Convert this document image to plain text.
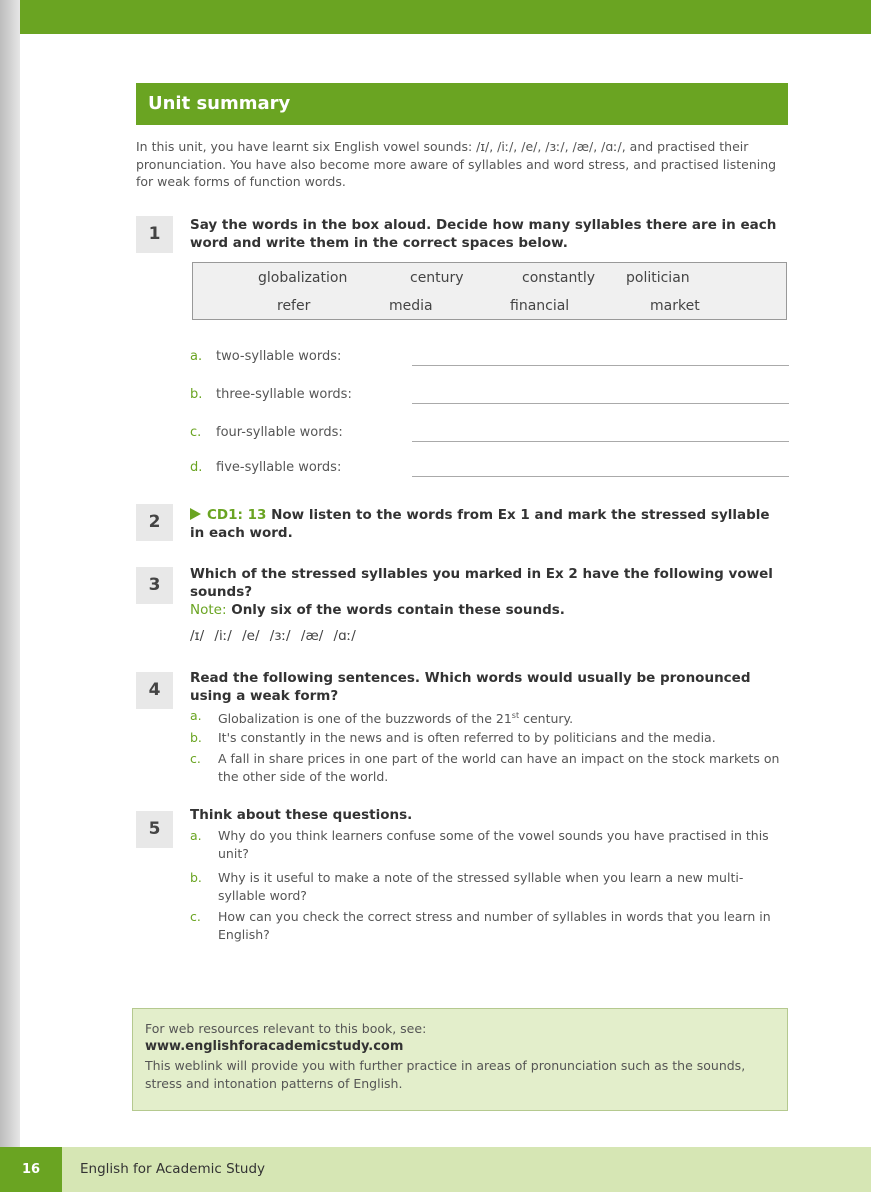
Unit summary
In this unit, you have learnt six English vowel sounds: /ɪ/, /iː/, /e/, /ɜː/, /æ/, /ɑː/, and practised their pronunciation. You have also become more aware of syllables and word stress, and practised listening for weak forms of function words.
1	Say the words in the box aloud. Decide how many syllables there are in each word and write them in the correct spaces below.
globalization	century	constantly politician
refer	media	financial	market
a. two-syllable words:
b. three-syllable words:
c. four-syllable words:
d. five-syllable words:
2	CD1: 13 Now listen to the words from Ex 1 and mark the stressed syllable in each word.
3
Which of the stressed syllables you marked in Ex 2 have the following vowel sounds?
Note: Only six of the words contain these sounds.
/ɪ/ /iː/ /e/ /ɜː/ /æ/ /ɑː/
4
Read the following sentences. Which words would usually be pronounced using a weak form?
a.	Globalization is one of the buzzwords of the 21st century.
b.	It's constantly in the news and is often referred to by politicians and the media.
c.	A fall in share prices in one part of the world can have an impact on the stock markets on the other side of the world.
5
Think about these questions.
a.	Why do you think learners confuse some of the vowel sounds you have practised in this unit?
b.	Why is it useful to make a note of the stressed syllable when you learn a new multi-syllable word?
c.	How can you check the correct stress and number of syllables in words that you learn in English?
For web resources relevant to this book, see:
www.englishforacademicstudy.com
This weblink will provide you with further practice in areas of pronunciation such as the sounds, stress and intonation patterns of English.
16	English for Academic Study
